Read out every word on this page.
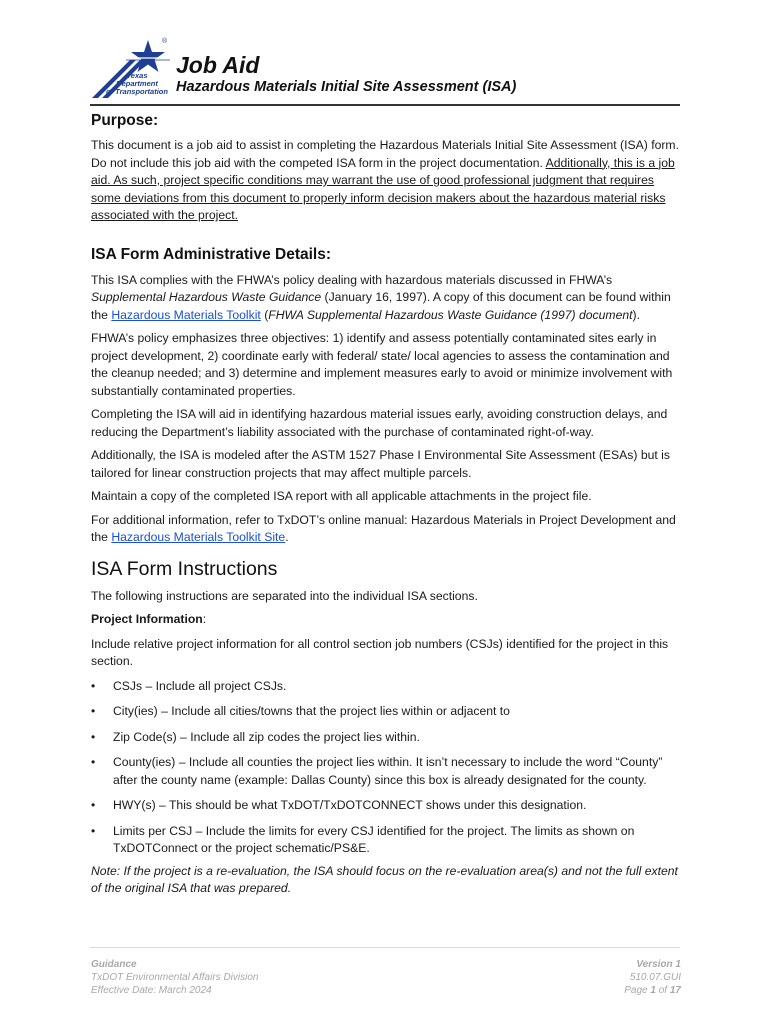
®
Texas
Department
of Transportation
Job Aid
Hazardous Materials Initial Site Assessment (ISA)
Purpose:

This document is a job aid to assist in completing the Hazardous Materials Initial Site Assessment (ISA) form. Do not include this job aid with the competed ISA form in the project documentation. Additionally, this is a job aid. As such, project specific conditions may warrant the use of good professional judgment that requires some deviations from this document to properly inform decision makers about the hazardous material risks associated with the project.

ISA Form Administrative Details:

This ISA complies with the FHWA’s policy dealing with hazardous materials discussed in FHWA’s Supplemental Hazardous Waste Guidance (January 16, 1997). A copy of this document can be found within the Hazardous Materials Toolkit (FHWA Supplemental Hazardous Waste Guidance (1997) document).

FHWA’s policy emphasizes three objectives: 1) identify and assess potentially contaminated sites early in project development, 2) coordinate early with federal/ state/ local agencies to assess the contamination and the cleanup needed; and 3) determine and implement measures early to avoid or minimize involvement with substantially contaminated properties.

Completing the ISA will aid in identifying hazardous material issues early, avoiding construction delays, and reducing the Department’s liability associated with the purchase of contaminated right-of-way.

Additionally, the ISA is modeled after the ASTM 1527 Phase I Environmental Site Assessment (ESAs) but is tailored for linear construction projects that may affect multiple parcels.

Maintain a copy of the completed ISA report with all applicable attachments in the project file.

For additional information, refer to TxDOT’s online manual: Hazardous Materials in Project Development and the Hazardous Materials Toolkit Site.

ISA Form Instructions

The following instructions are separated into the individual ISA sections.

Project Information:

Include relative project information for all control section job numbers (CSJs) identified for the project in this section.

• CSJs – Include all project CSJs.
• City(ies) – Include all cities/towns that the project lies within or adjacent to
• Zip Code(s) – Include all zip codes the project lies within.
• County(ies) – Include all counties the project lies within. It isn’t necessary to include the word “County” after the county name (example: Dallas County) since this box is already designated for the county.
• HWY(s) – This should be what TxDOT/TxDOTCONNECT shows under this designation.
• Limits per CSJ – Include the limits for every CSJ identified for the project. The limits as shown on TxDOTConnect or the project schematic/PS&E.

Note: If the project is a re-evaluation, the ISA should focus on the re-evaluation area(s) and not the full extent of the original ISA that was prepared.

Guidance
TxDOT Environmental Affairs Division
Effective Date: March 2024
Version 1
510.07.GUI
Page 1 of 17
